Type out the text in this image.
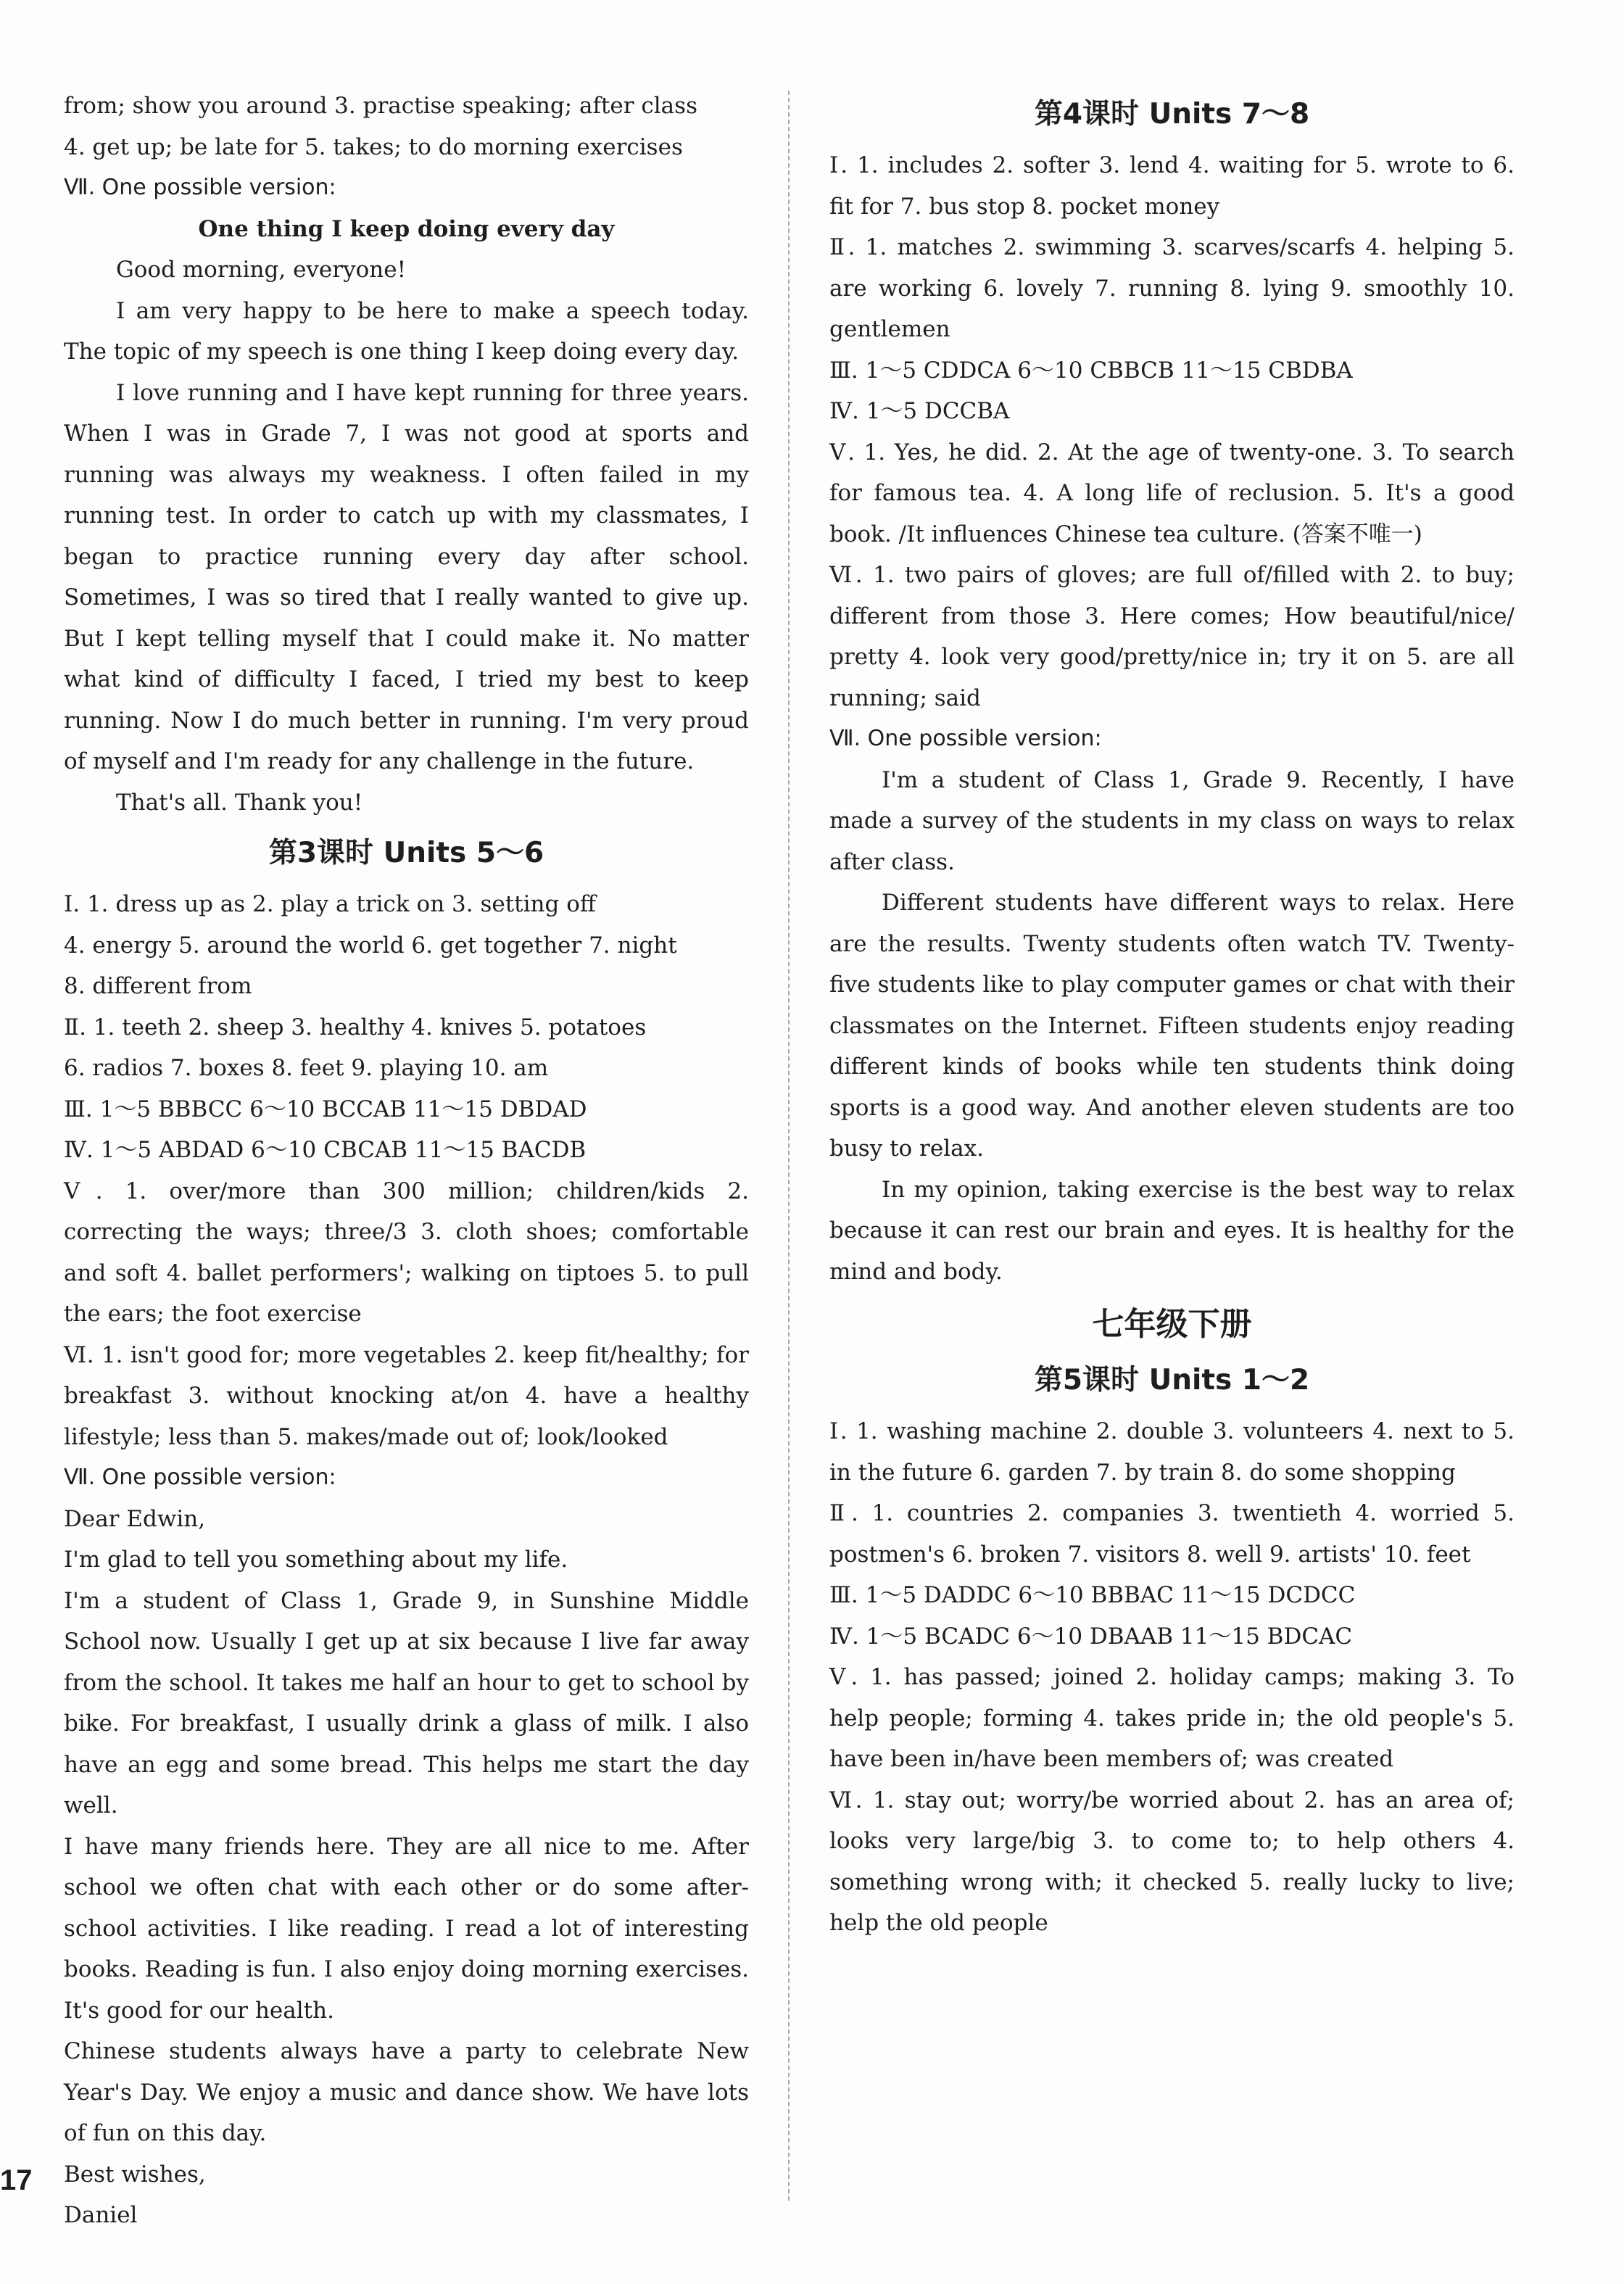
from; show you around 3. practise speaking; after class

4. get up; be late for 5. takes; to do morning exercises

Ⅶ. One possible version:

One thing I keep doing every day

Good morning, everyone!

I am very happy to be here to make a speech today. The topic of my speech is one thing I keep doing every day.

I love running and I have kept running for three years. When I was in Grade 7, I was not good at sports and running was always my weakness. I often failed in my running test. In order to catch up with my classmates, I began to practice running every day after school. Sometimes, I was so tired that I really wanted to give up. But I kept telling myself that I could make it. No matter what kind of difficulty I faced, I tried my best to keep running. Now I do much better in running. I'm very proud of myself and I'm ready for any challenge in the future.

That's all. Thank you!

第3课时 Units 5～6

Ⅰ. 1. dress up as 2. play a trick on 3. setting off

4. energy 5. around the world 6. get together 7. night

8. different from

Ⅱ. 1. teeth 2. sheep 3. healthy 4. knives 5. potatoes

6. radios 7. boxes 8. feet 9. playing 10. am

Ⅲ. 1～5 BBBCC 6～10 BCCAB 11～15 DBDAD

Ⅳ. 1～5 ABDAD 6～10 CBCAB 11～15 BACDB

Ⅴ. 1. over/more than 300 million; children/kids 2. correcting the ways; three/3 3. cloth shoes; comfortable and soft 4. ballet performers'; walking on tiptoes 5. to pull the ears; the foot exercise

Ⅵ. 1. isn't good for; more vegetables 2. keep fit/healthy; for breakfast 3. without knocking at/on 4. have a healthy lifestyle; less than 5. makes/made out of; look/looked

Ⅶ. One possible version:

Dear Edwin,

I'm glad to tell you something about my life.

I'm a student of Class 1, Grade 9, in Sunshine Middle School now. Usually I get up at six because I live far away from the school. It takes me half an hour to get to school by bike. For breakfast, I usually drink a glass of milk. I also have an egg and some bread. This helps me start the day well.

I have many friends here. They are all nice to me. After school we often chat with each other or do some after-school activities. I like reading. I read a lot of interesting books. Reading is fun. I also enjoy doing morning exercises. It's good for our health.

Chinese students always have a party to celebrate New Year's Day. We enjoy a music and dance show. We have lots of fun on this day.

Best wishes,

Daniel

第4课时 Units 7～8

Ⅰ. 1. includes 2. softer 3. lend 4. waiting for 5. wrote to 6. fit for 7. bus stop 8. pocket money

Ⅱ. 1. matches 2. swimming 3. scarves/scarfs 4. helping 5. are working 6. lovely 7. running 8. lying 9. smoothly 10. gentlemen

Ⅲ. 1～5 CDDCA 6～10 CBBCB 11～15 CBDBA

Ⅳ. 1～5 DCCBA

Ⅴ. 1. Yes, he did. 2. At the age of twenty-one. 3. To search for famous tea. 4. A long life of reclusion. 5. It's a good book. /It influences Chinese tea culture. (答案不唯一)

Ⅵ. 1. two pairs of gloves; are full of/filled with 2. to buy; different from those 3. Here comes; How beautiful/nice/ pretty 4. look very good/pretty/nice in; try it on 5. are all running; said

Ⅶ. One possible version:

I'm a student of Class 1, Grade 9. Recently, I have made a survey of the students in my class on ways to relax after class.

Different students have different ways to relax. Here are the results. Twenty students often watch TV. Twenty-five students like to play computer games or chat with their classmates on the Internet. Fifteen students enjoy reading different kinds of books while ten students think doing sports is a good way. And another eleven students are too busy to relax.

In my opinion, taking exercise is the best way to relax because it can rest our brain and eyes. It is healthy for the mind and body.

七年级下册

第5课时 Units 1～2

Ⅰ. 1. washing machine 2. double 3. volunteers 4. next to 5. in the future 6. garden 7. by train 8. do some shopping

Ⅱ. 1. countries 2. companies 3. twentieth 4. worried 5. postmen's 6. broken 7. visitors 8. well 9. artists' 10. feet

Ⅲ. 1～5 DADDC 6～10 BBBAC 11～15 DCDCC

Ⅳ. 1～5 BCADC 6～10 DBAAB 11～15 BDCAC

Ⅴ. 1. has passed; joined 2. holiday camps; making 3. To help people; forming 4. takes pride in; the old people's 5. have been in/have been members of; was created

Ⅵ. 1. stay out; worry/be worried about 2. has an area of; looks very large/big 3. to come to; to help others 4. something wrong with; it checked 5. really lucky to live; help the old people

17
